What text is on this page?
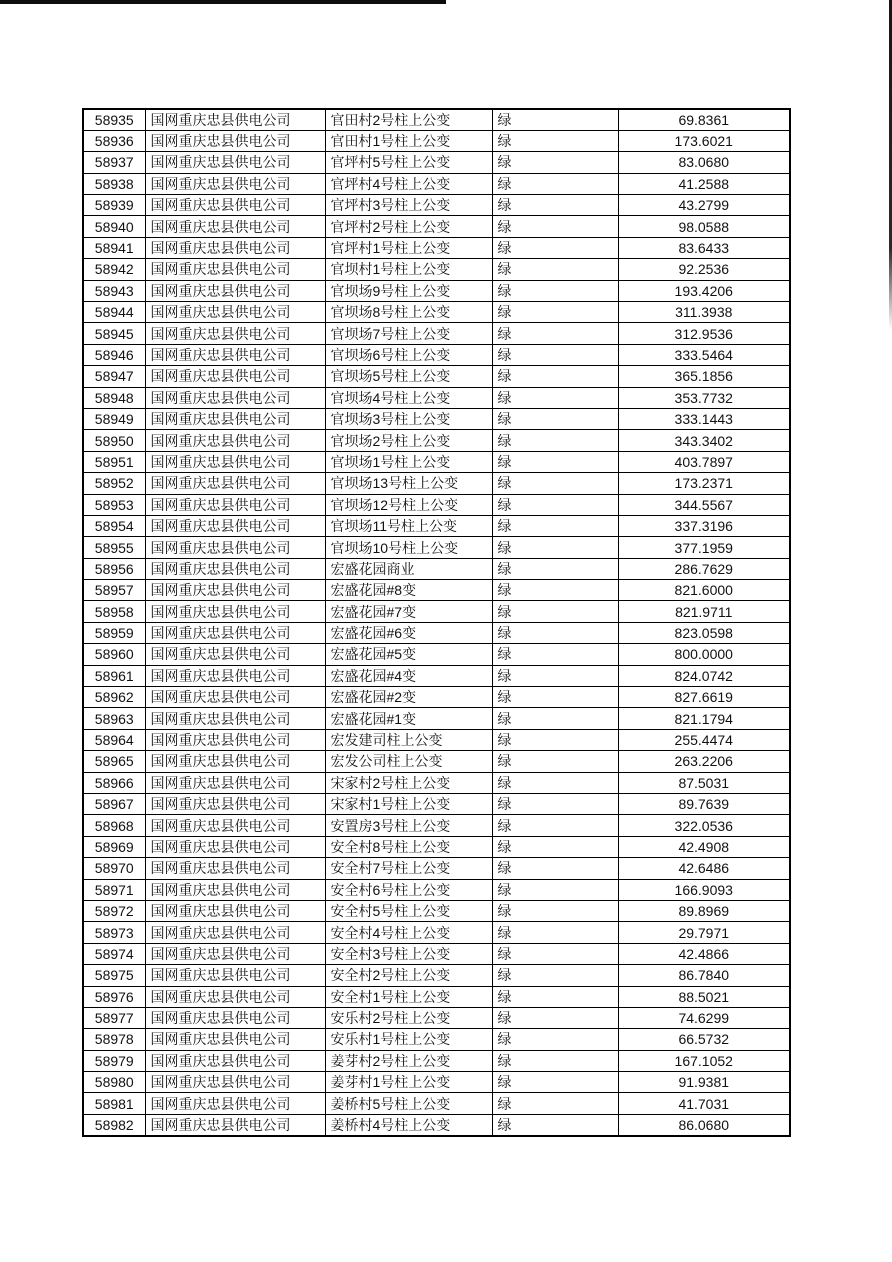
58935	国网重庆忠县供电公司	官田村2号柱上公变	绿	69.8361
58936	国网重庆忠县供电公司	官田村1号柱上公变	绿	173.6021
58937	国网重庆忠县供电公司	官坪村5号柱上公变	绿	83.0680
58938	国网重庆忠县供电公司	官坪村4号柱上公变	绿	41.2588
58939	国网重庆忠县供电公司	官坪村3号柱上公变	绿	43.2799
58940	国网重庆忠县供电公司	官坪村2号柱上公变	绿	98.0588
58941	国网重庆忠县供电公司	官坪村1号柱上公变	绿	83.6433
58942	国网重庆忠县供电公司	官坝村1号柱上公变	绿	92.2536
58943	国网重庆忠县供电公司	官坝场9号柱上公变	绿	193.4206
58944	国网重庆忠县供电公司	官坝场8号柱上公变	绿	311.3938
58945	国网重庆忠县供电公司	官坝场7号柱上公变	绿	312.9536
58946	国网重庆忠县供电公司	官坝场6号柱上公变	绿	333.5464
58947	国网重庆忠县供电公司	官坝场5号柱上公变	绿	365.1856
58948	国网重庆忠县供电公司	官坝场4号柱上公变	绿	353.7732
58949	国网重庆忠县供电公司	官坝场3号柱上公变	绿	333.1443
58950	国网重庆忠县供电公司	官坝场2号柱上公变	绿	343.3402
58951	国网重庆忠县供电公司	官坝场1号柱上公变	绿	403.7897
58952	国网重庆忠县供电公司	官坝场13号柱上公变	绿	173.2371
58953	国网重庆忠县供电公司	官坝场12号柱上公变	绿	344.5567
58954	国网重庆忠县供电公司	官坝场11号柱上公变	绿	337.3196
58955	国网重庆忠县供电公司	官坝场10号柱上公变	绿	377.1959
58956	国网重庆忠县供电公司	宏盛花园商业	绿	286.7629
58957	国网重庆忠县供电公司	宏盛花园#8变	绿	821.6000
58958	国网重庆忠县供电公司	宏盛花园#7变	绿	821.9711
58959	国网重庆忠县供电公司	宏盛花园#6变	绿	823.0598
58960	国网重庆忠县供电公司	宏盛花园#5变	绿	800.0000
58961	国网重庆忠县供电公司	宏盛花园#4变	绿	824.0742
58962	国网重庆忠县供电公司	宏盛花园#2变	绿	827.6619
58963	国网重庆忠县供电公司	宏盛花园#1变	绿	821.1794
58964	国网重庆忠县供电公司	宏发建司柱上公变	绿	255.4474
58965	国网重庆忠县供电公司	宏发公司柱上公变	绿	263.2206
58966	国网重庆忠县供电公司	宋家村2号柱上公变	绿	87.5031
58967	国网重庆忠县供电公司	宋家村1号柱上公变	绿	89.7639
58968	国网重庆忠县供电公司	安置房3号柱上公变	绿	322.0536
58969	国网重庆忠县供电公司	安全村8号柱上公变	绿	42.4908
58970	国网重庆忠县供电公司	安全村7号柱上公变	绿	42.6486
58971	国网重庆忠县供电公司	安全村6号柱上公变	绿	166.9093
58972	国网重庆忠县供电公司	安全村5号柱上公变	绿	89.8969
58973	国网重庆忠县供电公司	安全村4号柱上公变	绿	29.7971
58974	国网重庆忠县供电公司	安全村3号柱上公变	绿	42.4866
58975	国网重庆忠县供电公司	安全村2号柱上公变	绿	86.7840
58976	国网重庆忠县供电公司	安全村1号柱上公变	绿	88.5021
58977	国网重庆忠县供电公司	安乐村2号柱上公变	绿	74.6299
58978	国网重庆忠县供电公司	安乐村1号柱上公变	绿	66.5732
58979	国网重庆忠县供电公司	姜芽村2号柱上公变	绿	167.1052
58980	国网重庆忠县供电公司	姜芽村1号柱上公变	绿	91.9381
58981	国网重庆忠县供电公司	姜桥村5号柱上公变	绿	41.7031
58982	国网重庆忠县供电公司	姜桥村4号柱上公变	绿	86.0680
